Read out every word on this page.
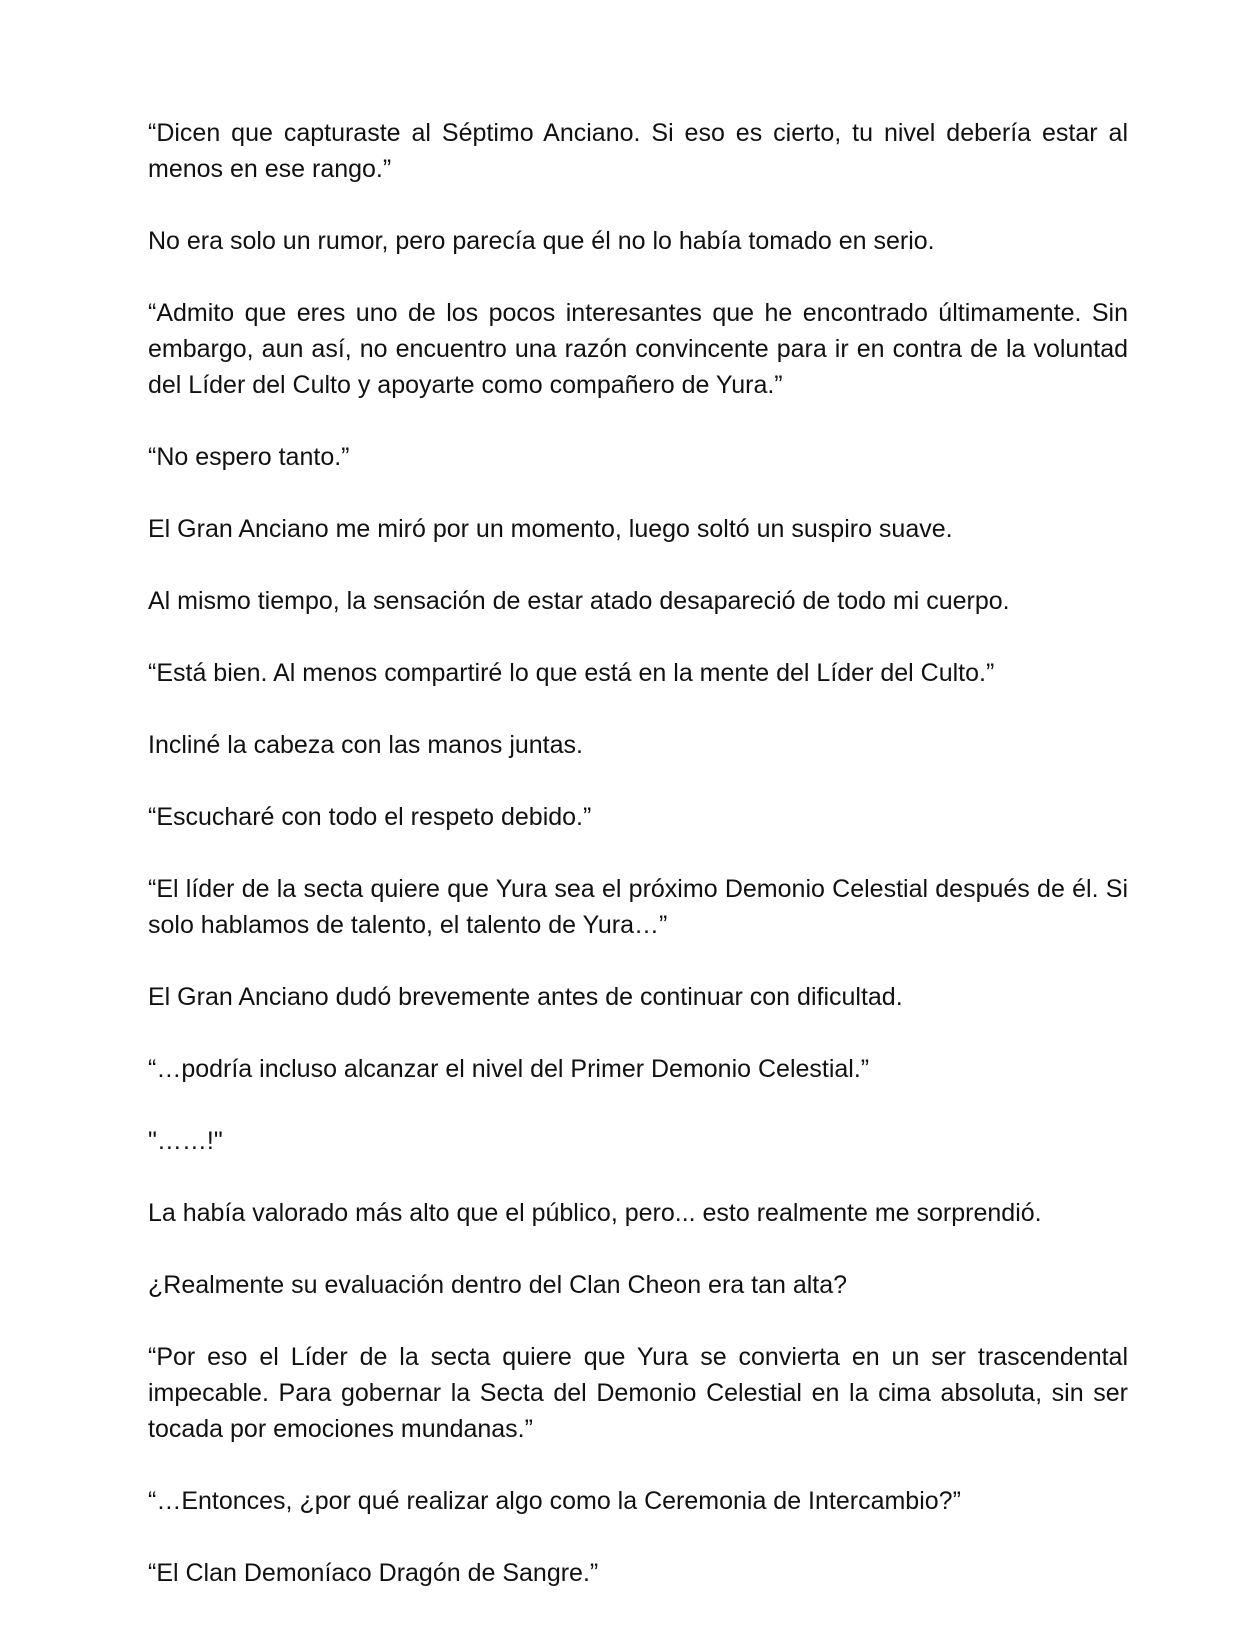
“Dicen que capturaste al Séptimo Anciano. Si eso es cierto, tu nivel debería estar al menos en ese rango.”

No era solo un rumor, pero parecía que él no lo había tomado en serio.

“Admito que eres uno de los pocos interesantes que he encontrado últimamente. Sin embargo, aun así, no encuentro una razón convincente para ir en contra de la voluntad del Líder del Culto y apoyarte como compañero de Yura.”

“No espero tanto.”

El Gran Anciano me miró por un momento, luego soltó un suspiro suave.

Al mismo tiempo, la sensación de estar atado desapareció de todo mi cuerpo.

“Está bien. Al menos compartiré lo que está en la mente del Líder del Culto.”

Incliné la cabeza con las manos juntas.

“Escucharé con todo el respeto debido.”

“El líder de la secta quiere que Yura sea el próximo Demonio Celestial después de él. Si solo hablamos de talento, el talento de Yura…”

El Gran Anciano dudó brevemente antes de continuar con dificultad.

“…podría incluso alcanzar el nivel del Primer Demonio Celestial.”

"……!"

La había valorado más alto que el público, pero... esto realmente me sorprendió.

¿Realmente su evaluación dentro del Clan Cheon era tan alta?

“Por eso el Líder de la secta quiere que Yura se convierta en un ser trascendental impecable. Para gobernar la Secta del Demonio Celestial en la cima absoluta, sin ser tocada por emociones mundanas.”

“…Entonces, ¿por qué realizar algo como la Ceremonia de Intercambio?”

“El Clan Demoníaco Dragón de Sangre.”
